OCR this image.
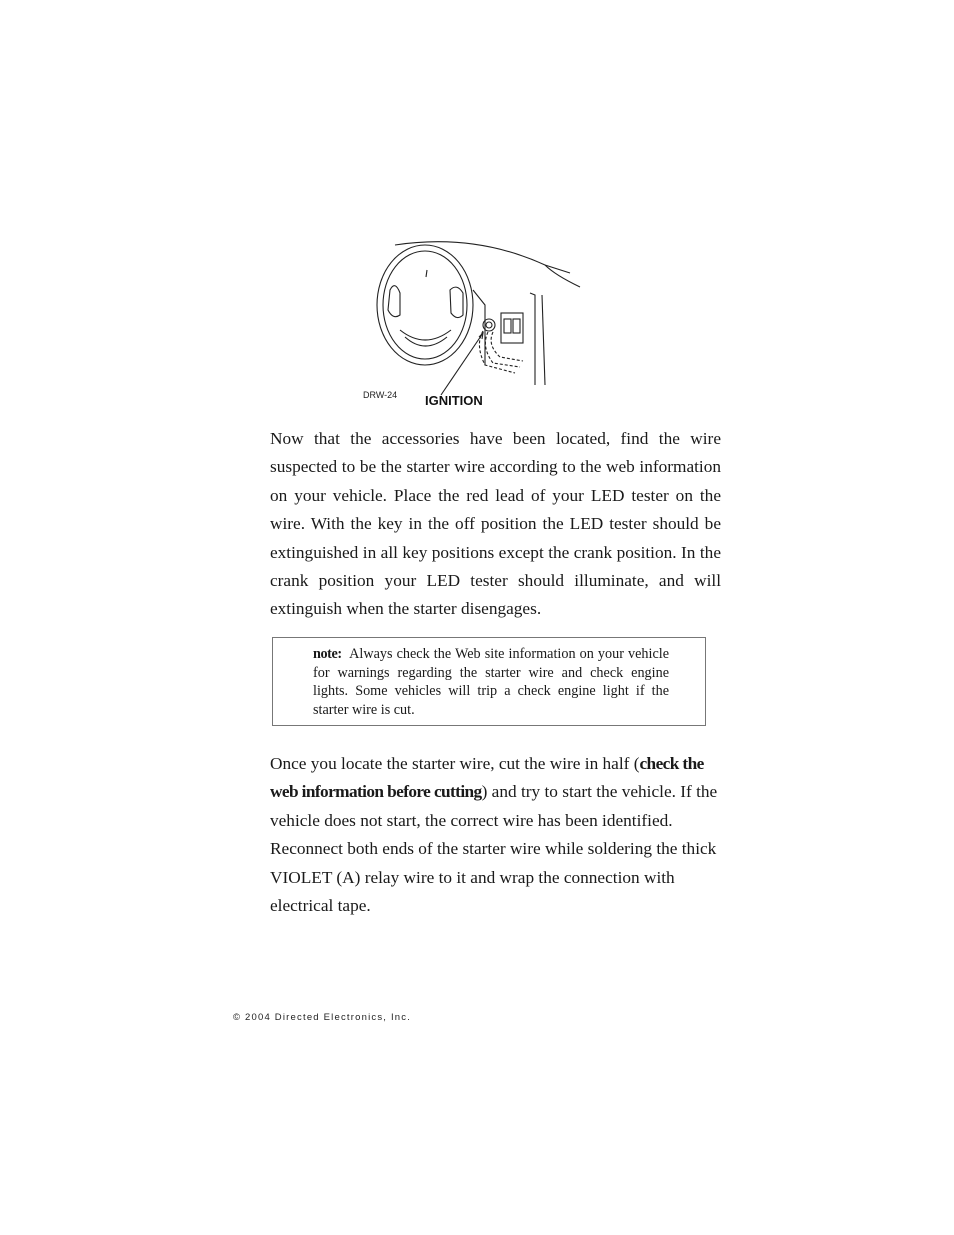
DRW-24 IGNITION

Now that the accessories have been located, find the wire suspected to be the starter wire according to the web information on your vehicle. Place the red lead of your LED tester on the wire. With the key in the off position the LED tester should be extinguished in all key positions except the crank position. In the crank position your LED tester should illuminate, and will extinguish when the starter disengages.

note: Always check the Web site information on your vehicle for warnings regarding the starter wire and check engine lights. Some vehicles will trip a check engine light if the starter wire is cut.

Once you locate the starter wire, cut the wire in half (check the web information before cutting) and try to start the vehicle. If the vehicle does not start, the correct wire has been identified. Reconnect both ends of the starter wire while soldering the thick VIOLET (A) relay wire to it and wrap the connection with electrical tape.

© 2004 Directed Electronics, Inc.
